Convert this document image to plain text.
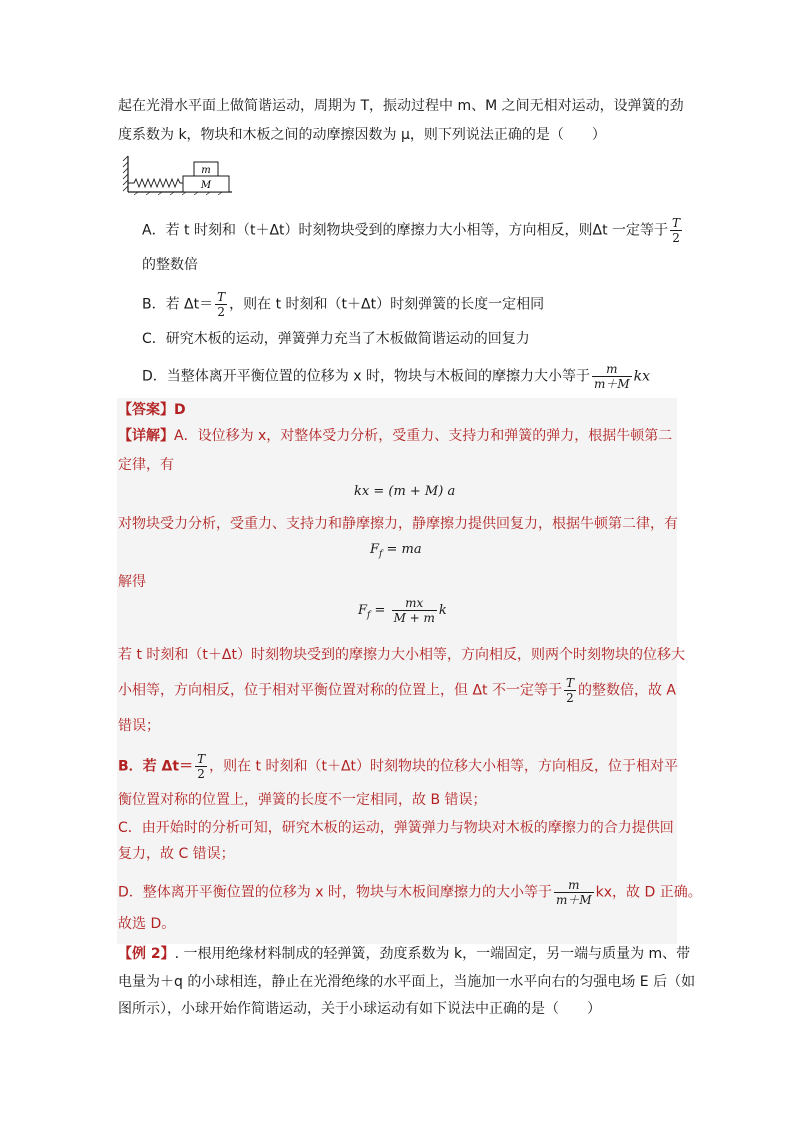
起在光滑水平面上做简谐运动，周期为 T，振动过程中 m、M 之间无相对运动，设弹簧的劲
度系数为 k，物块和木板之间的动摩擦因数为 μ，则下列说法正确的是（　　）
m
M
A．若 t 时刻和（t＋Δt）时刻物块受到的摩擦力大小相等，方向相反，则Δt 一定等于 $\frac{T}{2}$
的整数倍
B．若 $\Delta t= \frac{T}{2}$ ，则在 t 时刻和（t＋Δt）时刻弹簧的长度一定相同
C．研究木板的运动，弹簧弹力充当了木板做简谐运动的回复力
D．当整体离开平衡位置的位移为 x 时，物块与木板间的摩擦力大小等于 $\frac{m}{m+M}$ kx
【答案】D
【详解】A．设位移为 x，对整体受力分析，受重力、支持力和弹簧的弹力，根据牛顿第二
定律，有
kx = (m + M) a
对物块受力分析，受重力、支持力和静摩擦力，静摩擦力提供回复力，根据牛顿第二律，有
$F_f$ = ma
解得
$F_f = \frac{mx}{M + m}$ k
若 t 时刻和（t＋Δt）时刻物块受到的摩擦力大小相等，方向相反，则两个时刻物块的位移大
小相等，方向相反，位于相对平衡位置对称的位置上，但 Δt 不一定等于 $\frac{T}{2}$ 的整数倍，故 A
错误；
B．若 $\Delta t= \frac{T}{2}$ ，则在 t 时刻和（t＋Δt）时刻物块的位移大小相等，方向相反，位于相对平
衡位置对称的位置上，弹簧的长度不一定相同，故 B 错误；
C．由开始时的分析可知，研究木板的运动，弹簧弹力与物块对木板的摩擦力的合力提供回
复力，故 C 错误；
D．整体离开平衡位置的位移为 x 时，物块与木板间摩擦力的大小等于 $\frac{m}{m+M}$ kx，故 D 正确。
故选 D。
【例 2】. 一根用绝缘材料制成的轻弹簧，劲度系数为 k，一端固定，另一端与质量为 m、带
电量为＋q 的小球相连，静止在光滑绝缘的水平面上，当施加一水平向右的匀强电场 E 后（如
图所示），小球开始作简谐运动，关于小球运动有如下说法中正确的是（　　）
